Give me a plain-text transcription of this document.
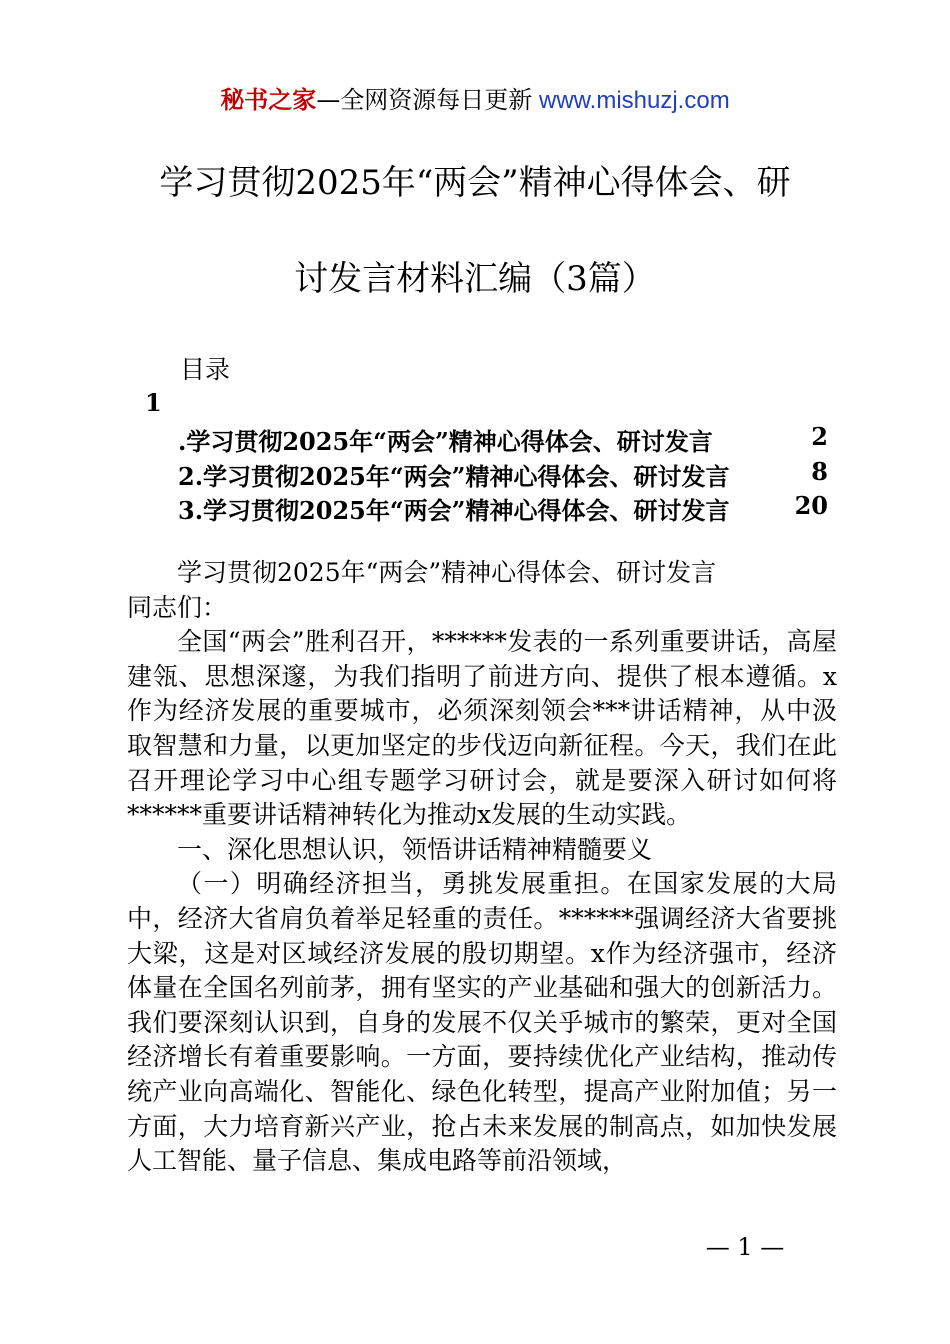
秘书之家—全网资源每日更新 www.mishuzj.com
学习贯彻2025年“两会”精神心得体会、研
讨发言材料汇编（3篇）
目录
1
.学习贯彻2025年“两会”精神心得体会、研讨发言	2
2.学习贯彻2025年“两会”精神心得体会、研讨发言	8
3.学习贯彻2025年“两会”精神心得体会、研讨发言	20

学习贯彻2025年“两会”精神心得体会、研讨发言

同志们：

全国“两会”胜利召开，******发表的一系列重要讲话，高屋建瓴、思想深邃，为我们指明了前进方向、提供了根本遵循。x作为经济发展的重要城市，必须深刻领会***讲话精神，从中汲取智慧和力量，以更加坚定的步伐迈向新征程。今天，我们在此召开理论学习中心组专题学习研讨会，就是要深入研讨如何将******重要讲话精神转化为推动x发展的生动实践。

一、深化思想认识，领悟讲话精神精髓要义

（一）明确经济担当，勇挑发展重担。在国家发展的大局中，经济大省肩负着举足轻重的责任。******强调经济大省要挑大梁，这是对区域经济发展的殷切期望。x作为经济强市，经济体量在全国名列前茅，拥有坚实的产业基础和强大的创新活力。我们要深刻认识到，自身的发展不仅关乎城市的繁荣，更对全国经济增长有着重要影响。一方面，要持续优化产业结构，推动传统产业向高端化、智能化、绿色化转型，提高产业附加值；另一方面，大力培育新兴产业，抢占未来发展的制高点，如加快发展人工智能、量子信息、集成电路等前沿领域，

— 1 —
